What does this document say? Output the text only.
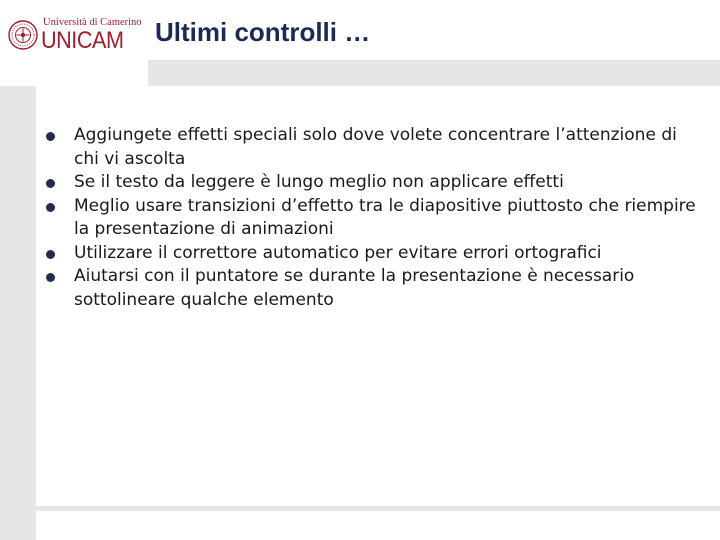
Università di Camerino
UNICAM Ultimi controlli …
Aggiungete effetti speciali solo dove volete concentrare l’attenzione di chi vi ascolta
Se il testo da leggere è lungo meglio non applicare effetti
Meglio usare transizioni d’effetto tra le diapositive piuttosto che riempire la presentazione di animazioni
Utilizzare il correttore automatico per evitare errori ortografici
Aiutarsi con il puntatore se durante la presentazione è necessario sottolineare qualche elemento
